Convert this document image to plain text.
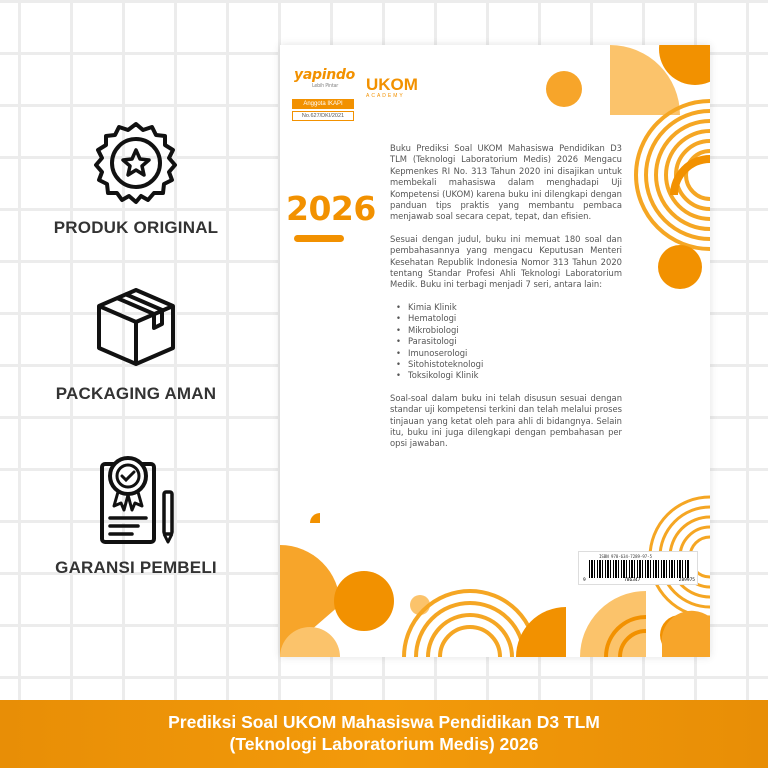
PRODUK ORIGINAL
PACKAGING AMAN
GARANSI PEMBELI
yapindo
Lebih Pintar	UKOM
ACADEMY
Anggota IKAPI
No.627/DKI/2021
2026

Buku Prediksi Soal UKOM Mahasiswa Pendidikan D3 TLM (Teknologi Laboratorium Medis) 2026 Mengacu Kepmenkes RI No. 313 Tahun 2020 ini disajikan untuk membekali mahasiswa dalam menghadapi Uji Kompetensi (UKOM) karena buku ini dilengkapi dengan panduan tips praktis yang membantu pembaca menjawab soal secara cepat, tepat, dan efisien.

Sesuai dengan judul, buku ini memuat 180 soal dan pembahasannya yang mengacu Keputusan Menteri Kesehatan Republik Indonesia Nomor 313 Tahun 2020 tentang Standar Profesi Ahli Teknologi Laboratorium Medik. Buku ini terbagi menjadi 7 seri, antara lain:

• Kimia Klinik
• Hematologi
• Mikrobiologi
• Parasitologi
• Imunoserologi
• Sitohistoteknologi
• Toksikologi Klinik

Soal-soal dalam buku ini telah disusun sesuai dengan standar uji kompetensi terkini dan telah melalui proses tinjauan yang ketat oleh para ahli di bidangnya. Selain itu, buku ini juga dilengkapi dengan pembahasan per opsi jawaban.

ISBN 978-634-7289-97-5
9	786347	289975
Prediksi Soal UKOM Mahasiswa Pendidikan D3 TLM
(Teknologi Laboratorium Medis) 2026
